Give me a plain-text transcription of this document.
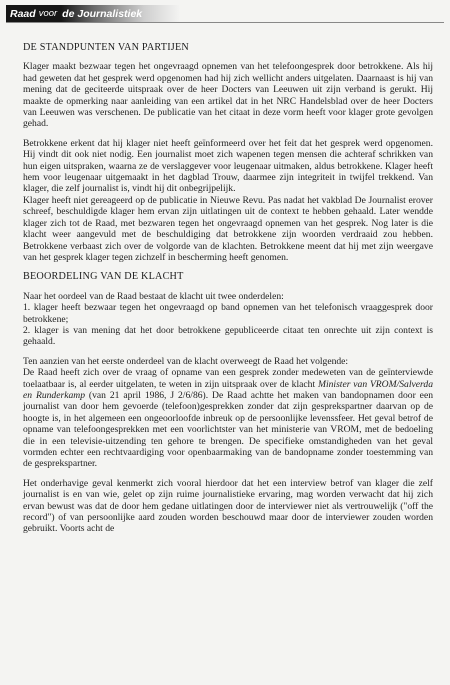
Raad voor de
Journalistiek
DE STANDPUNTEN VAN PARTIJEN

Klager maakt bezwaar tegen het ongevraagd opnemen van het telefoongesprek door betrokkene. Als hij had geweten dat het gesprek werd opgenomen had hij zich wellicht anders uitgelaten. Daarnaast is hij van mening dat de geciteerde uitspraak over de heer Docters van Leeuwen uit zijn verband is gerukt. Hij maakte de opmerking naar aanleiding van een artikel dat in het NRC Handelsblad over de heer Docters van Leeuwen was verschenen. De publicatie van het citaat in deze vorm heeft voor klager grote gevolgen gehad.

Betrokkene erkent dat hij klager niet heeft geïnformeerd over het feit dat het gesprek werd opgenomen. Hij vindt dit ook niet nodig. Een journalist moet zich wapenen tegen mensen die achteraf schrikken van hun eigen uitspraken, waarna ze de verslaggever voor leugenaar uitmaken, aldus betrokkene. Klager heeft hem voor leugenaar uitgemaakt in het dagblad Trouw, daarmee zijn integriteit in twijfel trekkend. Van klager, die zelf journalist is, vindt hij dit onbegrijpelijk.

Klager heeft niet gereageerd op de publicatie in Nieuwe Revu. Pas nadat het vakblad De Journalist erover schreef, beschuldigde klager hem ervan zijn uitlatingen uit de context te hebben gehaald. Later wendde klager zich tot de Raad, met bezwaren tegen het ongevraagd opnemen van het gesprek. Nog later is die klacht weer aangevuld met de beschuldiging dat betrokkene zijn woorden verdraaid zou hebben. Betrokkene verbaast zich over de volgorde van de klachten. Betrokkene meent dat hij met zijn weergave van het gesprek klager tegen zichzelf in bescherming heeft genomen.

BEOORDELING VAN DE KLACHT

Naar het oordeel van de Raad bestaat de klacht uit twee onderdelen:

1. klager heeft bezwaar tegen het ongevraagd op band opnemen van het telefonisch vraaggesprek door betrokkene;

2. klager is van mening dat het door betrokkene gepubliceerde citaat ten onrechte uit zijn context is gehaald.

Ten aanzien van het eerste onderdeel van de klacht overweegt de Raad het volgende:

De Raad heeft zich over de vraag of opname van een gesprek zonder medeweten van de geïnterviewde toelaatbaar is, al eerder uitgelaten, te weten in zijn uitspraak over de klacht Minister van VROM/Salverda en Runderkamp (van 21 april 1986, J 2/6/86). De Raad achtte het maken van bandopnamen door een journalist van door hem gevoerde (telefoon)gesprekken zonder dat zijn gesprekspartner daarvan op de hoogte is, in het algemeen een ongeoorloofde inbreuk op de persoonlijke levenssfeer. Het geval betrof de opname van telefoongesprekken met een voorlichtster van het ministerie van VROM, met de bedoeling die in een televisie-uitzending ten gehore te brengen. De specifieke omstandigheden van het geval vormden echter een rechtvaardiging voor openbaarmaking van de bandopname zonder toestemming van de gesprekspartner.

Het onderhavige geval kenmerkt zich vooral hierdoor dat het een interview betrof van klager die zelf journalist is en van wie, gelet op zijn ruime journalistieke ervaring, mag worden verwacht dat hij zich ervan bewust was dat de door hem gedane uitlatingen door de interviewer niet als vertrouwelijk ("off the record") of van persoonlijke aard zouden worden beschouwd maar door de interviewer zouden worden gebruikt. Voorts acht de
